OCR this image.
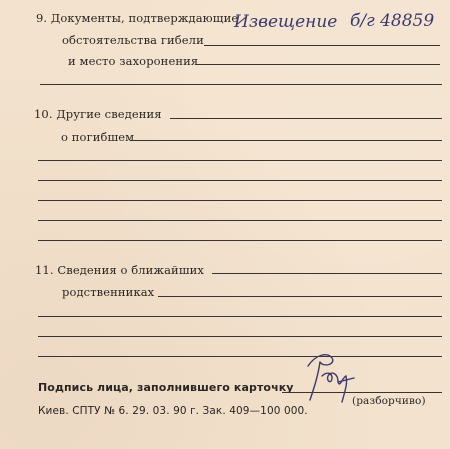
9. Документы, подтверждающие
обстоятельства гибели
и место захоронения
Извещение б/г 48859
10. Другие сведения
о погибшем
11. Сведения о ближайших
родственниках
Подпись лица, заполнившего карточку
(разборчиво)
Киев. СПТУ № 6. 29. 03. 90 г. Зак. 409—100 000.
